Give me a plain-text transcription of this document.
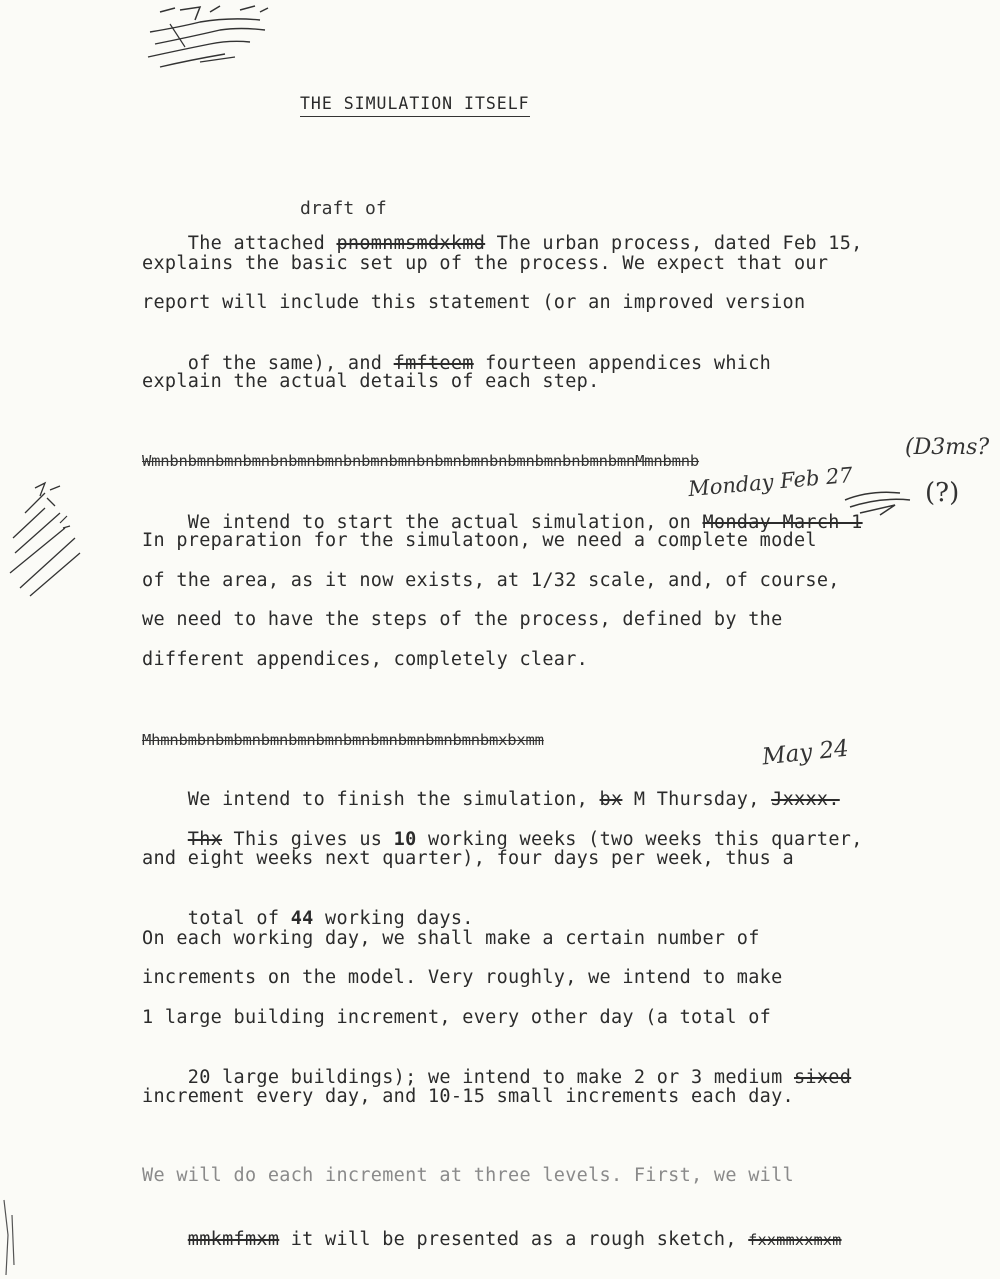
THE SIMULATION ITSELF
draft of

The attached pnomnmsmdxkmd The urban process, dated Feb 15,

explains the basic set up of the process. We expect that our
report will include this statement (or an improved version

of the same), and fmfteem fourteen appendices which

explain the actual details of each step.
WmnbnbmnbmnbmnbnbmnbmnbnbmnbmnbnbmnbmnbnbmnbmnbnbmnbmnMmnbmnb
Monday Feb 27

We intend to start the actual simulation, on Monday March 1

(D3ms?
(?)
In preparation for the simulatoon, we need a complete model
of the area, as it now exists, at 1/32 scale, and, of course,
we need to have the steps of the process, defined by the
different appendices, completely clear.
Mhmnbmbnbmbmnbmnbmnbmnbmnbmnbmnbmnbmnbmxbxmm	May 24

We intend to finish the simulation, bx M Thursday, Jxxxx.

Thx This gives us 10 working weeks (two weeks this quarter,

and eight weeks next quarter), four days per week, thus a

total of 44 working days.

On each working day, we shall make a certain number of
increments on the model. Very roughly, we intend to make
1 large building increment, every other day (a total of

20 large buildings); we intend to make 2 or 3 medium sixed

increment every day, and 10-15 small increments each day.
We will do each increment at three levels. First, we will

mmkmfmxm it will be presented as a rough sketch, fxxmmxxmxm
